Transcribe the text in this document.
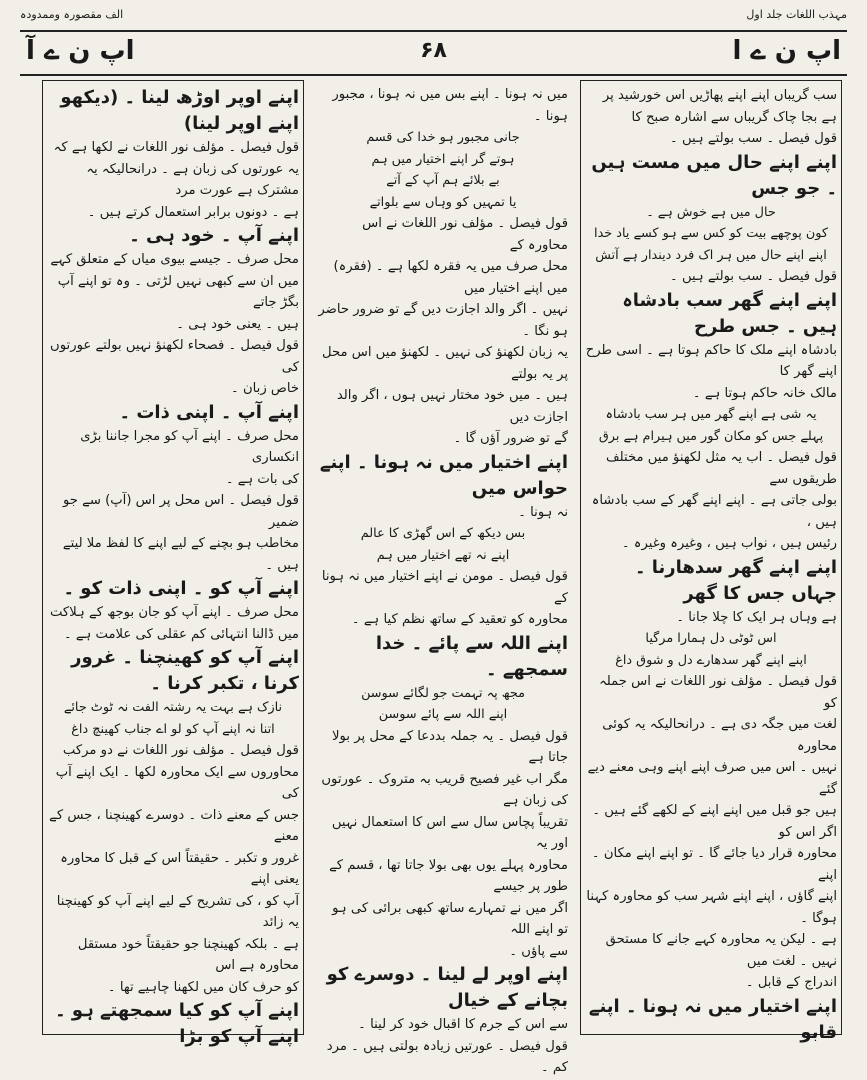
مہذب اللغات جلد اول
الف مقصورہ وممدودہ
اپ ن ے ا
۶۸
اپ ن ے آ

سب گریباں اپنے اپنے پھاڑیں اس خورشید پر

ہے بجا چاک گریباں سے اشارہ صبح کا

قول فیصل ۔ سب بولتے ہیں ۔

اپنے اپنے حال میں مست ہیں ۔ جو جس

حال میں ہے خوش ہے ۔

کون پوچھے بیت کو کس سے ہو کسے یاد خدا

اپنے اپنے حال میں ہر اک فرد دیندار ہے آتش

قول فیصل ۔ سب بولتے ہیں ۔

اپنے اپنے گھر سب بادشاہ ہیں ۔ جس طرح

بادشاہ اپنے ملک کا حاکم ہوتا ہے ۔ اسی طرح اپنے گھر کا

مالک خانہ حاکم ہوتا ہے ۔

یہ شی ہے اپنے گھر میں ہر سب بادشاہ

پہلے جس کو مکان گور میں ہیرام ہے برق

قول فیصل ۔ اب یہ مثل لکھنؤ میں مختلف طریقوں سے

بولی جاتی ہے ۔ اپنے اپنے گھر کے سب بادشاہ ہیں ،

رئیس ہیں ، نواب ہیں ، وغیرہ وغیرہ ۔

اپنے اپنے گھر سدھارنا ۔ جہاں جس کا گھر

ہے وہاں ہر ایک کا چلا جانا ۔

اس ٹوٹی دل ہمارا مرگیا

اپنے اپنے گھر سدھارے دل و شوق داغ

قول فیصل ۔ مؤلف نور اللغات نے اس جملہ کو

لغت میں جگہ دی ہے ۔ درانحالیکہ یہ کوئی محاورہ

نہیں ۔ اس میں صرف اپنے اپنے وہی معنے دیے گئے

ہیں جو قبل میں اپنے اپنے کے لکھے گئے ہیں ۔ اگر اس کو

محاورہ قرار دیا جائے گا ۔ تو اپنے اپنے مکان ۔ اپنے

اپنے گاؤں ، اپنے اپنے شہر سب کو محاورہ کہنا ہوگا ۔

ہے ۔ لیکن یہ محاورہ کہے جانے کا مستحق نہیں ۔ لغت میں

اندراج کے قابل ۔

اپنے اختیار میں نہ ہونا ۔ اپنے قابو

میں نہ ہونا ۔ اپنے بس میں نہ ہونا ، مجبور ہونا ۔

جانی مجبور ہو خدا کی قسم

ہوتے گر اپنے اختیار میں ہم

بے بلائے ہم آپ کے آتے

یا تمہیں کو وہاں سے بلواتے

قول فیصل ۔ مؤلف نور اللغات نے اس محاورہ کے

محل صرف میں یہ فقرہ لکھا ہے ۔ (فقرہ) میں اپنے اختیار میں

نہیں ۔ اگر والد اجازت دیں گے تو ضرور حاضر ہو نگا ۔

یہ زبان لکھنؤ کی نہیں ۔ لکھنؤ میں اس محل پر یہ بولتے

ہیں ۔ میں خود مختار نہیں ہوں ، اگر والد اجازت دیں

گے تو ضرور آؤں گا ۔

اپنے اختیار میں نہ ہونا ۔ اپنے حواس میں

نہ ہونا ۔

بس دیکھ کے اس گھڑی کا عالم

اپنے نہ تھے اختیار میں ہم

قول فیصل ۔ مومن نے اپنے اختیار میں نہ ہونا کے

محاورہ کو تعقید کے ساتھ نظم کیا ہے ۔

اپنے اللہ سے پائے ۔ خدا سمجھے ۔

مجھ پہ تہمت جو لگائے سوسن

اپنے اللہ سے پائے سوسن

قول فیصل ۔ یہ جملہ بددعا کے محل پر بولا جاتا ہے

مگر اب غیر فصیح قریب بہ متروک ۔ عورتوں کی زبان ہے

تقریباً پچاس سال سے اس کا استعمال نہیں اور یہ

محاورہ پہلے یوں بھی بولا جاتا تھا ، قسم کے طور پر جیسے

اگر میں نے تمہارے ساتھ کبھی برائی کی ہو تو اپنے اللہ

سے پاؤں ۔

اپنے اوپر لے لینا ۔ دوسرے کو بچانے کے خیال

سے اس کے جرم کا اقبال خود کر لینا ۔

قول فیصل ۔ عورتیں زیادہ بولتی ہیں ۔ مرد کم ۔

اپنے اوپر اوڑھ لینا ۔ (دیکھو اپنے اوپر لینا)

قول فیصل ۔ مؤلف نور اللغات نے لکھا ہے کہ

یہ عورتوں کی زبان ہے ۔ درانحالیکہ یہ مشترک ہے عورت مرد

ہے ۔ دونوں برابر استعمال کرتے ہیں ۔

اپنے آپ ۔ خود ہی ۔

محل صرف ۔ جیسے بیوی میاں کے متعلق کہے

میں ان سے کبھی نہیں لڑتی ۔ وہ تو اپنے آپ بگڑ جاتے

ہیں ۔ یعنی خود ہی ۔

قول فیصل ۔ فصحاء لکھنؤ نہیں بولتے عورتوں کی

خاص زبان ۔

اپنے آپ ۔ اپنی ذات ۔

محل صرف ۔ اپنے آپ کو مجرا جاننا بڑی انکساری

کی بات ہے ۔

قول فیصل ۔ اس محل پر اس (آپ) سے جو ضمیر

مخاطب ہو بچنے کے لیے اپنے کا لفظ ملا لیتے ہیں ۔

اپنے آپ کو ۔ اپنی ذات کو ۔

محل صرف ۔ اپنے آپ کو جان بوجھ کے ہلاکت

میں ڈالنا انتہائی کم عقلی کی علامت ہے ۔

اپنے آپ کو کھینچنا ۔ غرور کرنا ، تکبر کرنا ۔

نازک ہے بہت یہ رشتہ الفت نہ ٹوٹ جائے

اتنا نہ اپنے آپ کو لو اے جناب کھینچ داغ

قول فیصل ۔ مؤلف نور اللغات نے دو مرکب

محاوروں سے ایک محاورہ لکھا ۔ ایک اپنے آپ کی

جس کے معنے ذات ۔ دوسرے کھینچنا ، جس کے معنے

غرور و تکبر ۔ حقیقتاً اس کے قبل کا محاورہ یعنی اپنے

آپ کو ، کی تشریح کے لیے اپنے آپ کو کھینچنا یہ زائد

ہے ۔ بلکہ کھینچنا جو حقیقتاً خود مستقل محاورہ ہے اس

کو حرف کان میں لکھنا چاہیے تھا ۔

اپنے آپ کو کیا سمجھتے ہو ۔ اپنے آپ کو بڑا
